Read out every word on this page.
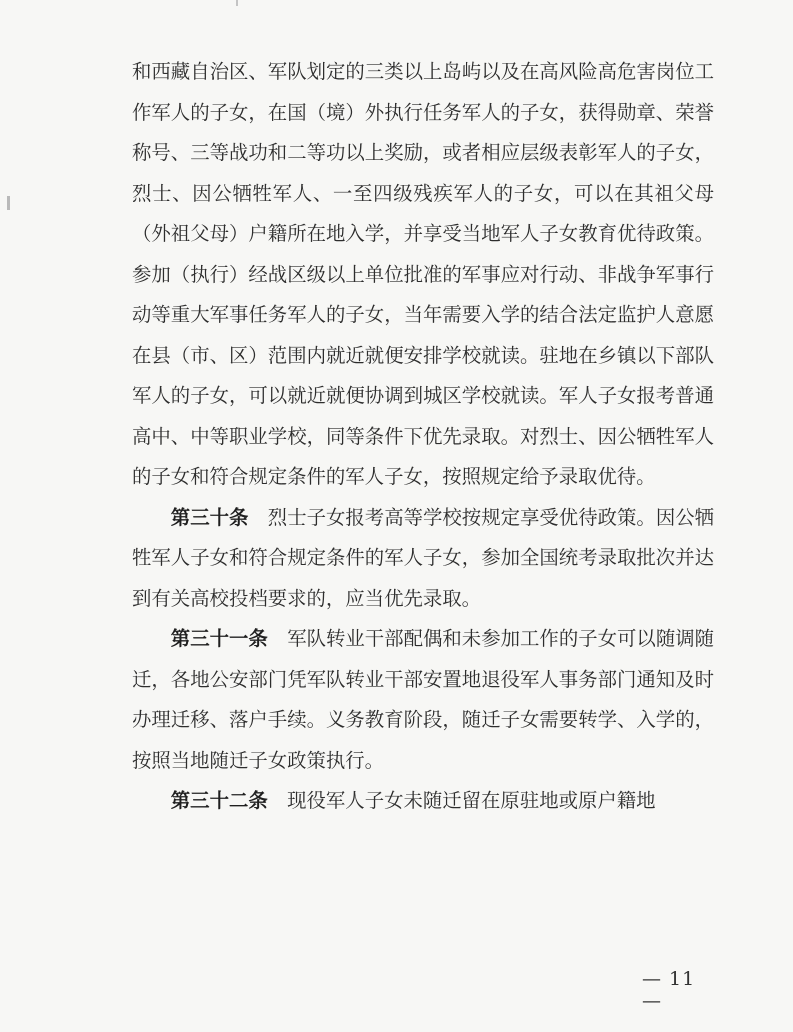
和西藏自治区、军队划定的三类以上岛屿以及在高风险高危害岗位工作军人的子女，在国（境）外执行任务军人的子女，获得勋章、荣誉称号、三等战功和二等功以上奖励，或者相应层级表彰军人的子女，烈士、因公牺牲军人、一至四级残疾军人的子女，可以在其祖父母（外祖父母）户籍所在地入学，并享受当地军人子女教育优待政策。参加（执行）经战区级以上单位批准的军事应对行动、非战争军事行动等重大军事任务军人的子女，当年需要入学的结合法定监护人意愿在县（市、区）范围内就近就便安排学校就读。驻地在乡镇以下部队军人的子女，可以就近就便协调到城区学校就读。军人子女报考普通高中、中等职业学校，同等条件下优先录取。对烈士、因公牺牲军人的子女和符合规定条件的军人子女，按照规定给予录取优待。

第三十条 烈士子女报考高等学校按规定享受优待政策。因公牺牲军人子女和符合规定条件的军人子女，参加全国统考录取批次并达到有关高校投档要求的，应当优先录取。

第三十一条 军队转业干部配偶和未参加工作的子女可以随调随迁，各地公安部门凭军队转业干部安置地退役军人事务部门通知及时办理迁移、落户手续。义务教育阶段，随迁子女需要转学、入学的，按照当地随迁子女政策执行。

第三十二条 现役军人子女未随迁留在原驻地或原户籍地

— 11 —
